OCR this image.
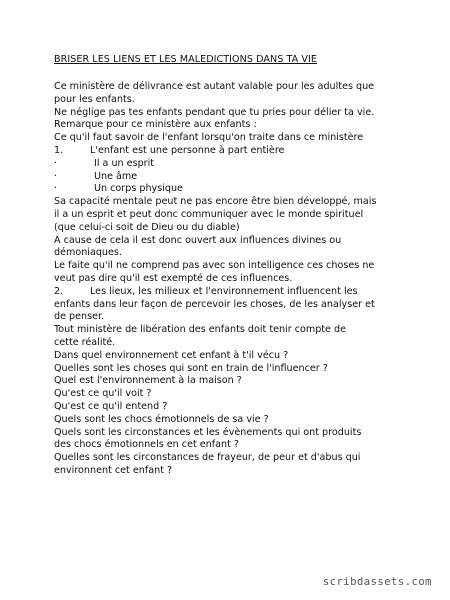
BRISER LES LIENS ET LES MALEDICTIONS DANS TA VIE
Ce ministère de délivrance est autant valable pour les adultes que
pour les enfants.
Ne néglige pas tes enfants pendant que tu pries pour délier ta vie.
Remarque pour ce ministère aux enfants :
Ce qu'il faut savoir de l'enfant lorsqu'on traite dans ce ministère
1.	L'enfant est une personne à part entière
·	Il a un esprit
·	Une âme
·	Un corps physique
Sa capacité mentale peut ne pas encore être bien développé, mais
il a un esprit et peut donc communiquer avec le monde spirituel
(que celui-ci soit de Dieu ou du diable)
A cause de cela il est donc ouvert aux influences divines ou
démoniaques.
Le faite qu'il ne comprend pas avec son intelligence ces choses ne
veut pas dire qu'il est exempté de ces influences.
2.	Les lieux, les milieux et l'environnement influencent les
enfants dans leur façon de percevoir les choses, de les analyser et
de penser.
Tout ministère de libération des enfants doit tenir compte de
cette réalité.
Dans quel environnement cet enfant à t'il vécu ?
Quelles sont les choses qui sont en train de l'influencer ?
Quel est l'environnement à la maison ?
Qu'est ce qu'il voit ?
Qu'est ce qu'il entend ?
Quels sont les chocs émotionnels de sa vie ?
Quels sont les circonstances et les évènements qui ont produits
des chocs émotionnels en cet enfant ?
Quelles sont les circonstances de frayeur, de peur et d'abus qui
environnent cet enfant ?
scribdassets.com
